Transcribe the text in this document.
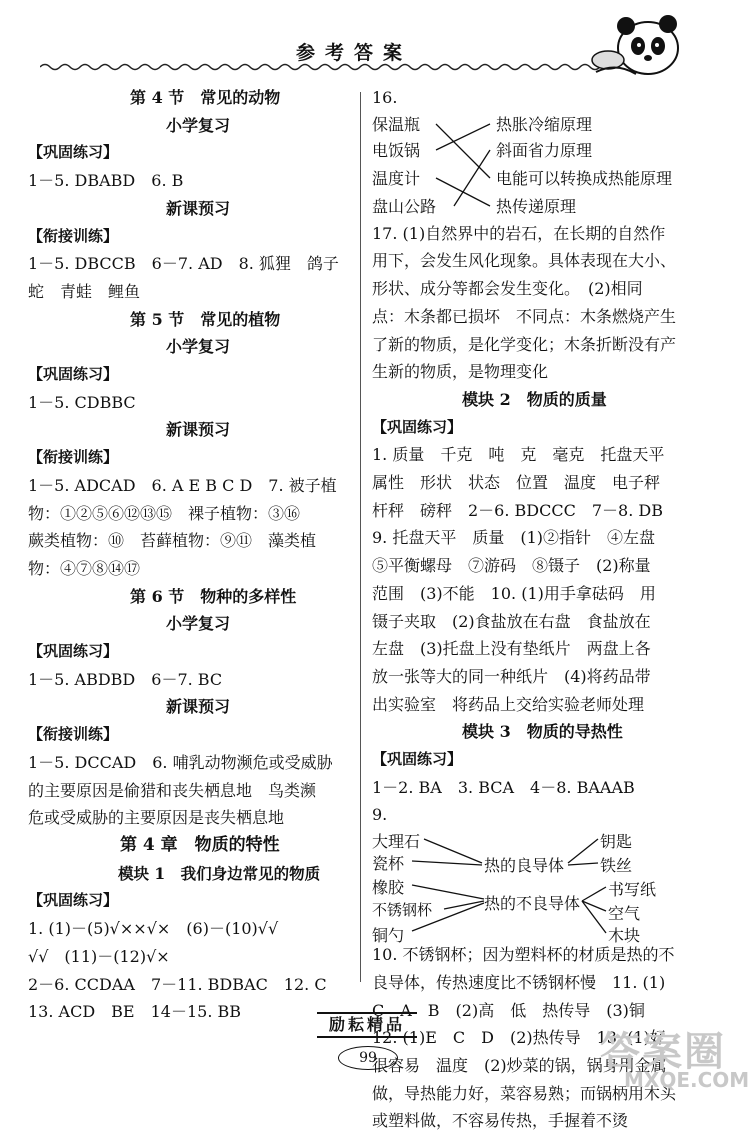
参考答案
第 4 节　常见的动物
小学复习
【巩固练习】
1－5. DBABD　6. B
新课预习
【衔接训练】
1－5. DBCCB　6－7. AD　8. 狐狸　鸽子
蛇　青蛙　鲤鱼
第 5 节　常见的植物
小学复习
【巩固练习】
1－5. CDBBC
新课预习
【衔接训练】
1－5. ADCAD　6. A E B C D　7. 被子植
物：①②⑤⑥⑫⑬⑮　裸子植物：③⑯
蕨类植物：⑩　苔藓植物：⑨⑪　藻类植
物：④⑦⑧⑭⑰
第 6 节　物种的多样性
小学复习
【巩固练习】
1－5. ABDBD　6－7. BC
新课预习
【衔接训练】
1－5. DCCAD　6. 哺乳动物濒危或受威胁
的主要原因是偷猎和丧失栖息地　鸟类濒
危或受威胁的主要原因是丧失栖息地
第 4 章　物质的特性
模块 1　我们身边常见的物质
【巩固练习】
1. (1)－(5)√××√×　(6)－(10)√√
√√　(11)－(12)√×
2－6. CCDAA　7－11. BDBAC　12. C
13. ACD　BE　14－15. BB
16.
保温瓶
电饭锅
温度计
盘山公路
热胀冷缩原理
斜面省力原理
电能可以转换成热能原理
热传递原理
17. (1)自然界中的岩石，在长期的自然作
用下，会发生风化现象。具体表现在大小、
形状、成分等都会发生变化。　(2)相同
点：木条都已损坏　不同点：木条燃烧产生
了新的物质，是化学变化；木条折断没有产
生新的物质，是物理变化
模块 2　物质的质量
【巩固练习】
1. 质量　千克　吨　克　毫克　托盘天平
属性　形状　状态　位置　温度　电子秤
杆秤　磅秤　2－6. BDCCC　7－8. DB
9. 托盘天平　质量　(1)②指针　④左盘
⑤平衡螺母　⑦游码　⑧镊子　(2)称量
范围　(3)不能　10. (1)用手拿砝码　用
镊子夹取　(2)食盐放在右盘　食盐放在
左盘　(3)托盘上没有垫纸片　两盘上各
放一张等大的同一种纸片　(4)将药品带
出实验室　将药品上交给实验老师处理
模块 3　物质的导热性
【巩固练习】
1－2. BA　3. BCA　4－8. BAAAB
9.
大理石
瓷杯
橡胶
不锈钢杯
铜勺
热的良导体
热的不良导体
钥匙
铁丝
书写纸
空气
木块
10. 不锈钢杯；因为塑料杯的材质是热的不
良导体，传热速度比不锈钢杯慢　11. (1)
C　A　B　(2)高　低　热传导　(3)铜
12. (1)E　C　D　(2)热传导　13. (1)好
很容易　温度　(2)炒菜的锅，锅身用金属
做，导热能力好，菜容易熟；而锅柄用木头
或塑料做，不容易传热，手握着不烫
励耘精品
99	答案圈
MXQE.COM
